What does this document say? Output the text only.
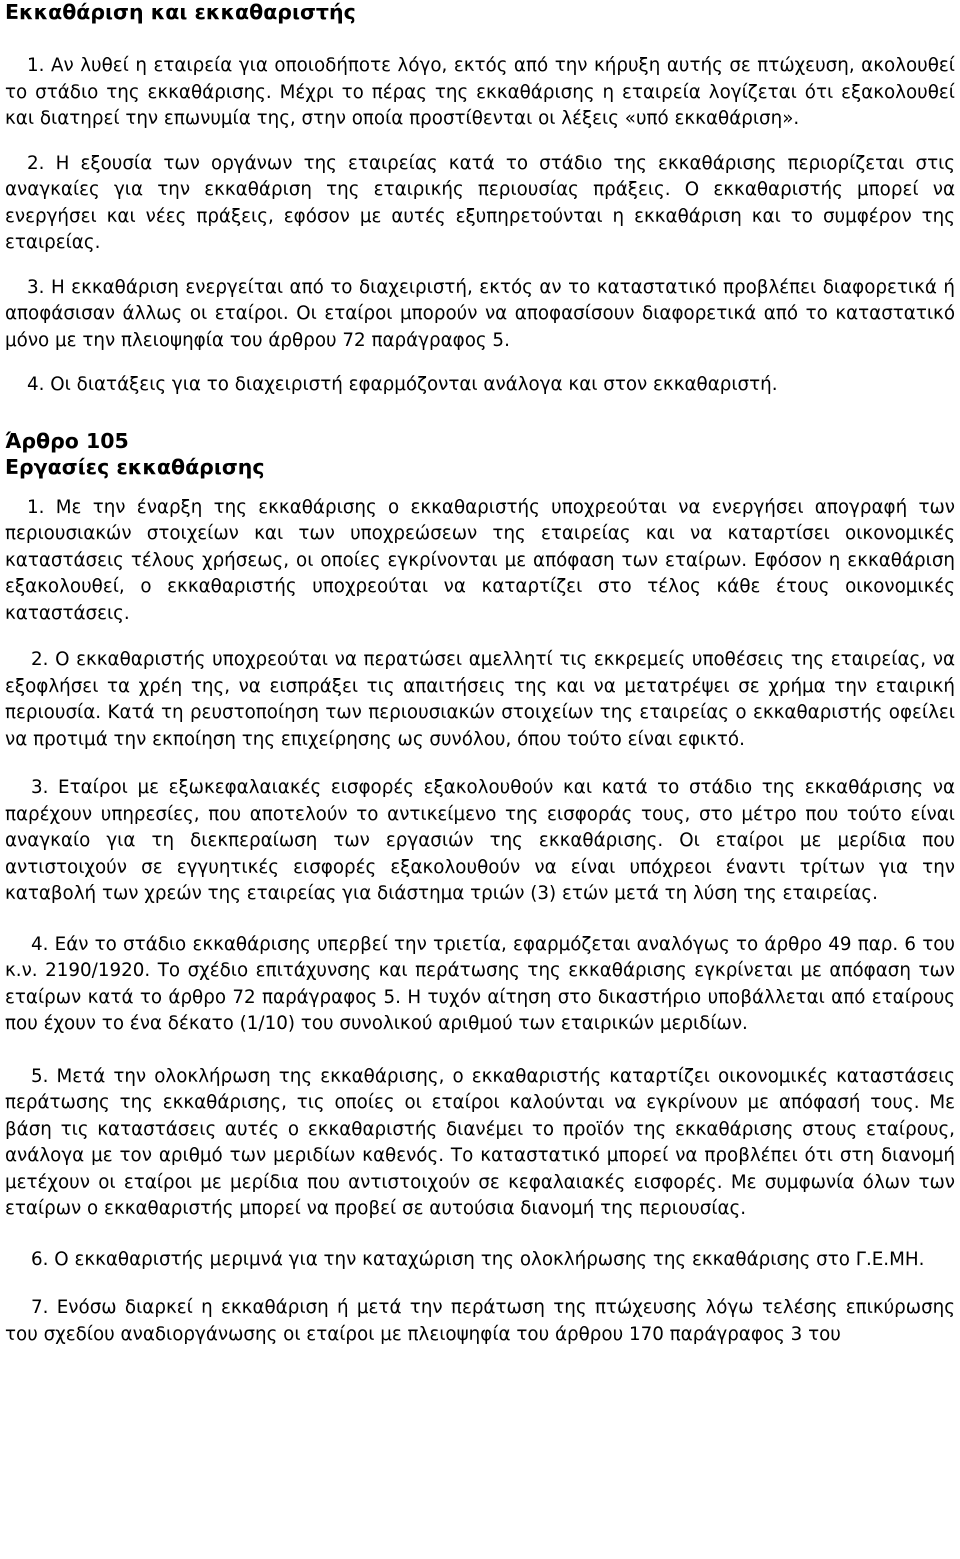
Εκκαθάριση και εκκαθαριστής

1. Αν λυθεί η εταιρεία για οποιοδήποτε λόγο, εκτός από την κήρυξη αυτής σε πτώχευση, ακολουθεί το στάδιο της εκκαθάρισης. Μέχρι το πέρας της εκκαθάρισης η εταιρεία λογίζεται ότι εξακολουθεί και διατηρεί την επωνυμία της, στην οποία προστίθενται οι λέξεις «υπό εκκαθάριση».

2. Η εξουσία των οργάνων της εταιρείας κατά το στάδιο της εκκαθάρισης περιορίζεται στις αναγκαίες για την εκκαθάριση της εταιρικής περιουσίας πράξεις. Ο εκκαθαριστής μπορεί να ενεργήσει και νέες πράξεις, εφόσον με αυτές εξυπηρετούνται η εκκαθάριση και το συμφέρον της εταιρείας.

3. Η εκκαθάριση ενεργείται από το διαχειριστή, εκτός αν το καταστατικό προβλέπει διαφορετικά ή αποφάσισαν άλλως οι εταίροι. Οι εταίροι μπορούν να αποφασίσουν διαφορετικά από το καταστατικό μόνο με την πλειοψηφία του άρθρου 72 παράγραφος 5.

4. Οι διατάξεις για το διαχειριστή εφαρμόζονται ανάλογα και στον εκκαθαριστή.

Άρθρο 105
Εργασίες εκκαθάρισης

1. Με την έναρξη της εκκαθάρισης ο εκκαθαριστής υποχρεούται να ενεργήσει απογραφή των περιουσιακών στοιχείων και των υποχρεώσεων της εταιρείας και να καταρτίσει οικονομικές καταστάσεις τέλους χρήσεως, οι οποίες εγκρίνονται με απόφαση των εταίρων. Εφόσον η εκκαθάριση εξακολουθεί, ο εκκαθαριστής υποχρεούται να καταρτίζει στο τέλος κάθε έτους οικονομικές καταστάσεις.

2. Ο εκκαθαριστής υποχρεούται να περατώσει αμελλητί τις εκκρεμείς υποθέσεις της εταιρείας, να εξοφλήσει τα χρέη της, να εισπράξει τις απαιτήσεις της και να μετατρέψει σε χρήμα την εταιρική περιουσία. Κατά τη ρευστοποίηση των περιουσιακών στοιχείων της εταιρείας ο εκκαθαριστής οφείλει να προτιμά την εκποίηση της επιχείρησης ως συνόλου, όπου τούτο είναι εφικτό.

3. Εταίροι με εξωκεφαλαιακές εισφορές εξακολουθούν και κατά το στάδιο της εκκαθάρισης να παρέχουν υπηρεσίες, που αποτελούν το αντικείμενο της εισφοράς τους, στο μέτρο που τούτο είναι αναγκαίο για τη διεκπεραίωση των εργασιών της εκκαθάρισης. Οι εταίροι με μερίδια που αντιστοιχούν σε εγγυητικές εισφορές εξακολουθούν να είναι υπόχρεοι έναντι τρίτων για την καταβολή των χρεών της εταιρείας για διάστημα τριών (3) ετών μετά τη λύση της εταιρείας.

4. Εάν το στάδιο εκκαθάρισης υπερβεί την τριετία, εφαρμόζεται αναλόγως το άρθρο 49 παρ. 6 του κ.ν. 2190/1920. Το σχέδιο επιτάχυνσης και περάτωσης της εκκαθάρισης εγκρίνεται με απόφαση των εταίρων κατά το άρθρο 72 παράγραφος 5. Η τυχόν αίτηση στο δικαστήριο υποβάλλεται από εταίρους που έχουν το ένα δέκατο (1/10) του συνολικού αριθμού των εταιρικών μεριδίων.

5. Μετά την ολοκλήρωση της εκκαθάρισης, ο εκκαθαριστής καταρτίζει οικονομικές καταστάσεις περάτωσης της εκκαθάρισης, τις οποίες οι εταίροι καλούνται να εγκρίνουν με απόφασή τους. Με βάση τις καταστάσεις αυτές ο εκκαθαριστής διανέμει το προϊόν της εκκαθάρισης στους εταίρους, ανάλογα με τον αριθμό των μεριδίων καθενός. Το καταστατικό μπορεί να προβλέπει ότι στη διανομή μετέχουν οι εταίροι με μερίδια που αντιστοιχούν σε κεφαλαιακές εισφορές. Με συμφωνία όλων των εταίρων ο εκκαθαριστής μπορεί να προβεί σε αυτούσια διανομή της περιουσίας.

6. Ο εκκαθαριστής μεριμνά για την καταχώριση της ολοκλήρωσης της εκκαθάρισης στο Γ.Ε.ΜΗ.

7. Ενόσω διαρκεί η εκκαθάριση ή μετά την περάτωση της πτώχευσης λόγω τελέσης επικύρωσης του σχεδίου αναδιοργάνωσης οι εταίροι με πλειοψηφία του άρθρου 170 παράγραφος 3 του
